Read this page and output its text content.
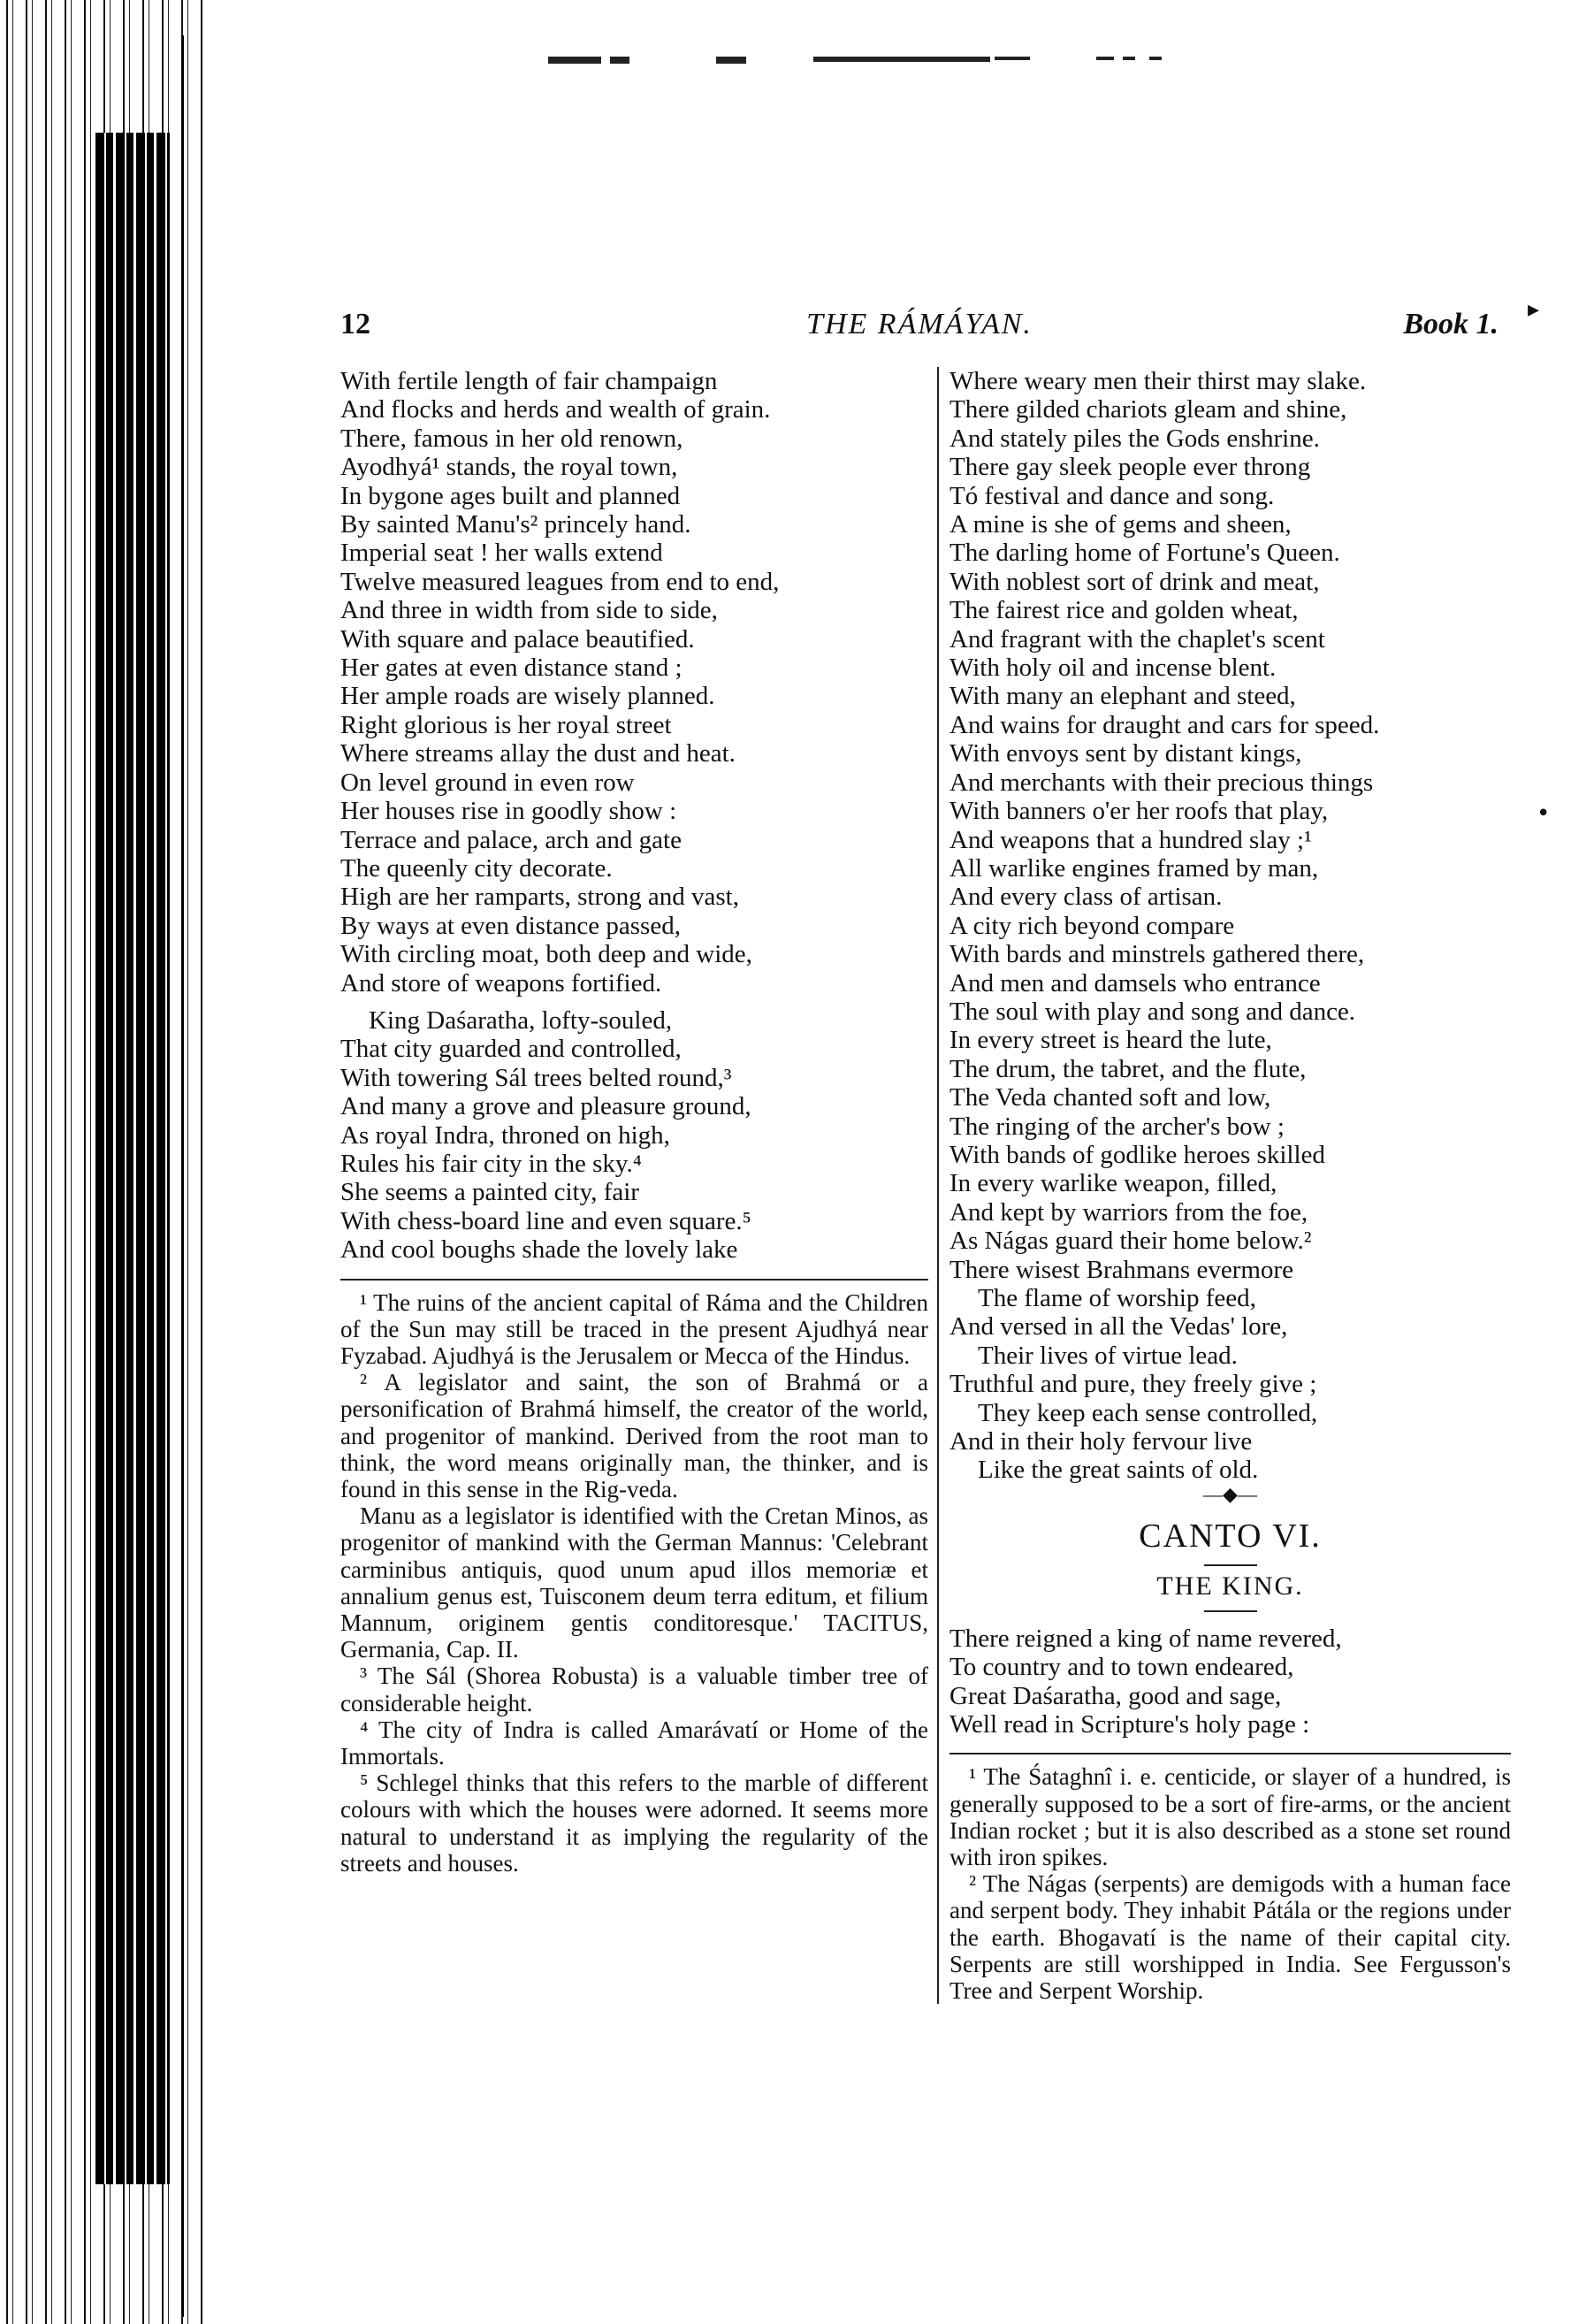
12	THE RÁMÁYAN.	Book 1. ▸
With fertile length of fair champaign
And flocks and herds and wealth of grain.
There, famous in her old renown,
Ayodhyá¹ stands, the royal town,
In bygone ages built and planned
By sainted Manu's² princely hand.
Imperial seat ! her walls extend
Twelve measured leagues from end to end,
And three in width from side to side,
With square and palace beautified.
Her gates at even distance stand ;
Her ample roads are wisely planned.
Right glorious is her royal street
Where streams allay the dust and heat.
On level ground in even row
Her houses rise in goodly show :
Terrace and palace, arch and gate
The queenly city decorate.
High are her ramparts, strong and vast,
By ways at even distance passed,
With circling moat, both deep and wide,
And store of weapons fortified.
King Daśaratha, lofty-souled,
That city guarded and controlled,
With towering Sál trees belted round,³
And many a grove and pleasure ground,
As royal Indra, throned on high,
Rules his fair city in the sky.⁴
She seems a painted city, fair
With chess-board line and even square.⁵
And cool boughs shade the lovely lake

¹ The ruins of the ancient capital of Ráma and the Children of the Sun may still be traced in the present Ajudhyá near Fyzabad. Ajudhyá is the Jerusalem or Mecca of the Hindus.

² A legislator and saint, the son of Brahmá or a personification of Brahmá himself, the creator of the world, and progenitor of mankind. Derived from the root man to think, the word means originally man, the thinker, and is found in this sense in the Rig-veda.

Manu as a legislator is identified with the Cretan Minos, as progenitor of mankind with the German Mannus: 'Celebrant carminibus antiquis, quod unum apud illos memoriæ et annalium genus est, Tuisconem deum terra editum, et filium Mannum, originem gentis conditoresque.' TACITUS, Germania, Cap. II.

³ The Sál (Shorea Robusta) is a valuable timber tree of considerable height.

⁴ The city of Indra is called Amarávatí or Home of the Immortals.

⁵ Schlegel thinks that this refers to the marble of different colours with which the houses were adorned. It seems more natural to understand it as implying the regularity of the streets and houses.

Where weary men their thirst may slake.
There gilded chariots gleam and shine,
And stately piles the Gods enshrine.
There gay sleek people ever throng
Tó festival and dance and song.
A mine is she of gems and sheen,
The darling home of Fortune's Queen.
With noblest sort of drink and meat,
The fairest rice and golden wheat,
And fragrant with the chaplet's scent
With holy oil and incense blent.
With many an elephant and steed,
And wains for draught and cars for speed.
With envoys sent by distant kings,
And merchants with their precious things
With banners o'er her roofs that play,
And weapons that a hundred slay ;¹
All warlike engines framed by man,
And every class of artisan.
A city rich beyond compare
With bards and minstrels gathered there,
And men and damsels who entrance
The soul with play and song and dance.
In every street is heard the lute,
The drum, the tabret, and the flute,
The Veda chanted soft and low,
The ringing of the archer's bow ;
With bands of godlike heroes skilled
In every warlike weapon, filled,
And kept by warriors from the foe,
As Nágas guard their home below.²
There wisest Brahmans evermore
The flame of worship feed,
And versed in all the Vedas' lore,
Their lives of virtue lead.
Truthful and pure, they freely give ;
They keep each sense controlled,
And in their holy fervour live
Like the great saints of old.
―◆―
CANTO VI.
THE KING.
There reigned a king of name revered,
To country and to town endeared,
Great Daśaratha, good and sage,
Well read in Scripture's holy page :

¹ The Śataghnî i. e. centicide, or slayer of a hundred, is generally supposed to be a sort of fire-arms, or the ancient Indian rocket ; but it is also described as a stone set round with iron spikes.

² The Nágas (serpents) are demigods with a human face and serpent body. They inhabit Pátála or the regions under the earth. Bhogavatí is the name of their capital city. Serpents are still worshipped in India. See Fergusson's Tree and Serpent Worship.

•
